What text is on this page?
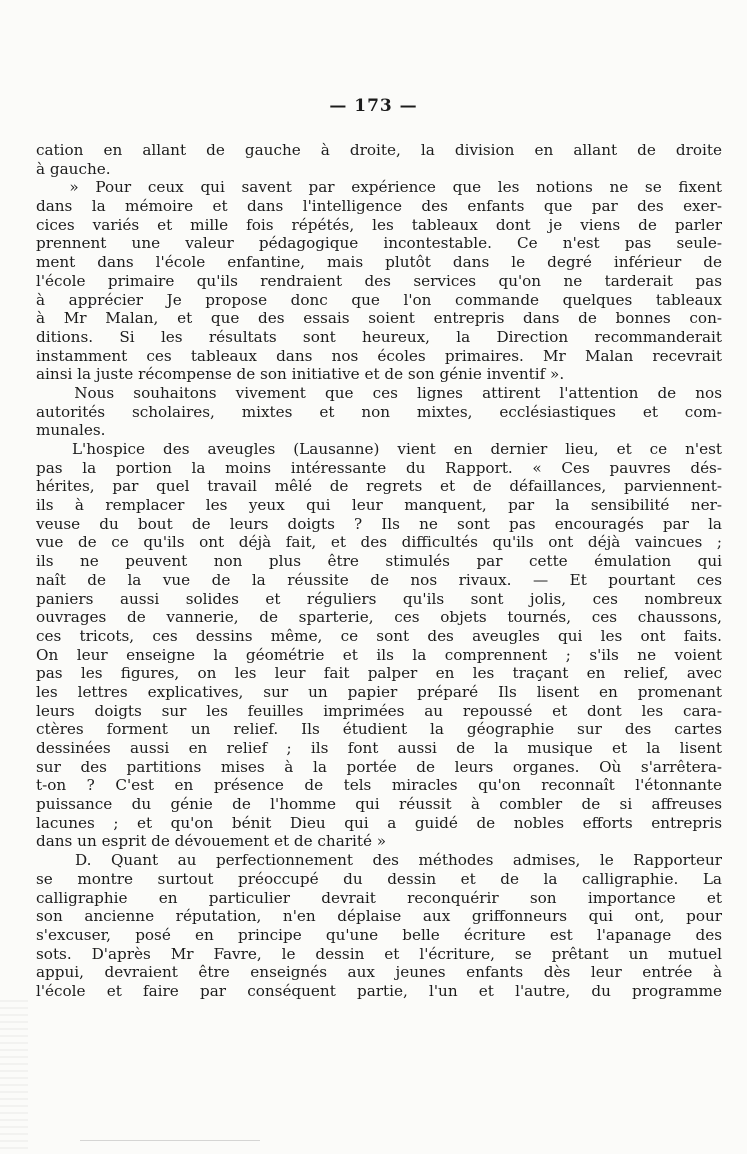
— 173 —
cation en allant de gauche à droite, la division en allant de droite
à gauche.
» Pour ceux qui savent par expérience que les notions ne se fixent
dans la mémoire et dans l'intelligence des enfants que par des exer-
cices variés et mille fois répétés, les tableaux dont je viens de parler
prennent une valeur pédagogique incontestable. Ce n'est pas seule-
ment dans l'école enfantine, mais plutôt dans le degré inférieur de
l'école primaire qu'ils rendraient des services qu'on ne tarderait pas
à apprécier Je propose donc que l'on commande quelques tableaux
à Mr Malan, et que des essais soient entrepris dans de bonnes con-
ditions. Si les résultats sont heureux, la Direction recommanderait
instamment ces tableaux dans nos écoles primaires. Mr Malan recevrait
ainsi la juste récompense de son initiative et de son génie inventif ».
Nous souhaitons vivement que ces lignes attirent l'attention de nos
autorités scholaires, mixtes et non mixtes, ecclésiastiques et com-
munales.
L'hospice des aveugles (Lausanne) vient en dernier lieu, et ce n'est
pas la portion la moins intéressante du Rapport. « Ces pauvres dés-
hérites, par quel travail mêlé de regrets et de défaillances, parviennent-
ils à remplacer les yeux qui leur manquent, par la sensibilité ner-
veuse du bout de leurs doigts ? Ils ne sont pas encouragés par la
vue de ce qu'ils ont déjà fait, et des difficultés qu'ils ont déjà vaincues ;
ils ne peuvent non plus être stimulés par cette émulation qui
naît de la vue de la réussite de nos rivaux. — Et pourtant ces
paniers aussi solides et réguliers qu'ils sont jolis, ces nombreux
ouvrages de vannerie, de sparterie, ces objets tournés, ces chaussons,
ces tricots, ces dessins même, ce sont des aveugles qui les ont faits.
On leur enseigne la géométrie et ils la comprennent ; s'ils ne voient
pas les figures, on les leur fait palper en les traçant en relief, avec
les lettres explicatives, sur un papier préparé Ils lisent en promenant
leurs doigts sur les feuilles imprimées au repoussé et dont les cara-
ctères forment un relief. Ils étudient la géographie sur des cartes
dessinées aussi en relief ; ils font aussi de la musique et la lisent
sur des partitions mises à la portée de leurs organes. Où s'arrêtera-
t-on ? C'est en présence de tels miracles qu'on reconnaît l'étonnante
puissance du génie de l'homme qui réussit à combler de si affreuses
lacunes ; et qu'on bénit Dieu qui a guidé de nobles efforts entrepris
dans un esprit de dévouement et de charité »
D. Quant au perfectionnement des méthodes admises, le Rapporteur
se montre surtout préoccupé du dessin et de la calligraphie. La
calligraphie en particulier devrait reconquérir son importance et
son ancienne réputation, n'en déplaise aux griffonneurs qui ont, pour
s'excuser, posé en principe qu'une belle écriture est l'apanage des
sots. D'après Mr Favre, le dessin et l'écriture, se prêtant un mutuel
appui, devraient être enseignés aux jeunes enfants dès leur entrée à
l'école et faire par conséquent partie, l'un et l'autre, du programme
